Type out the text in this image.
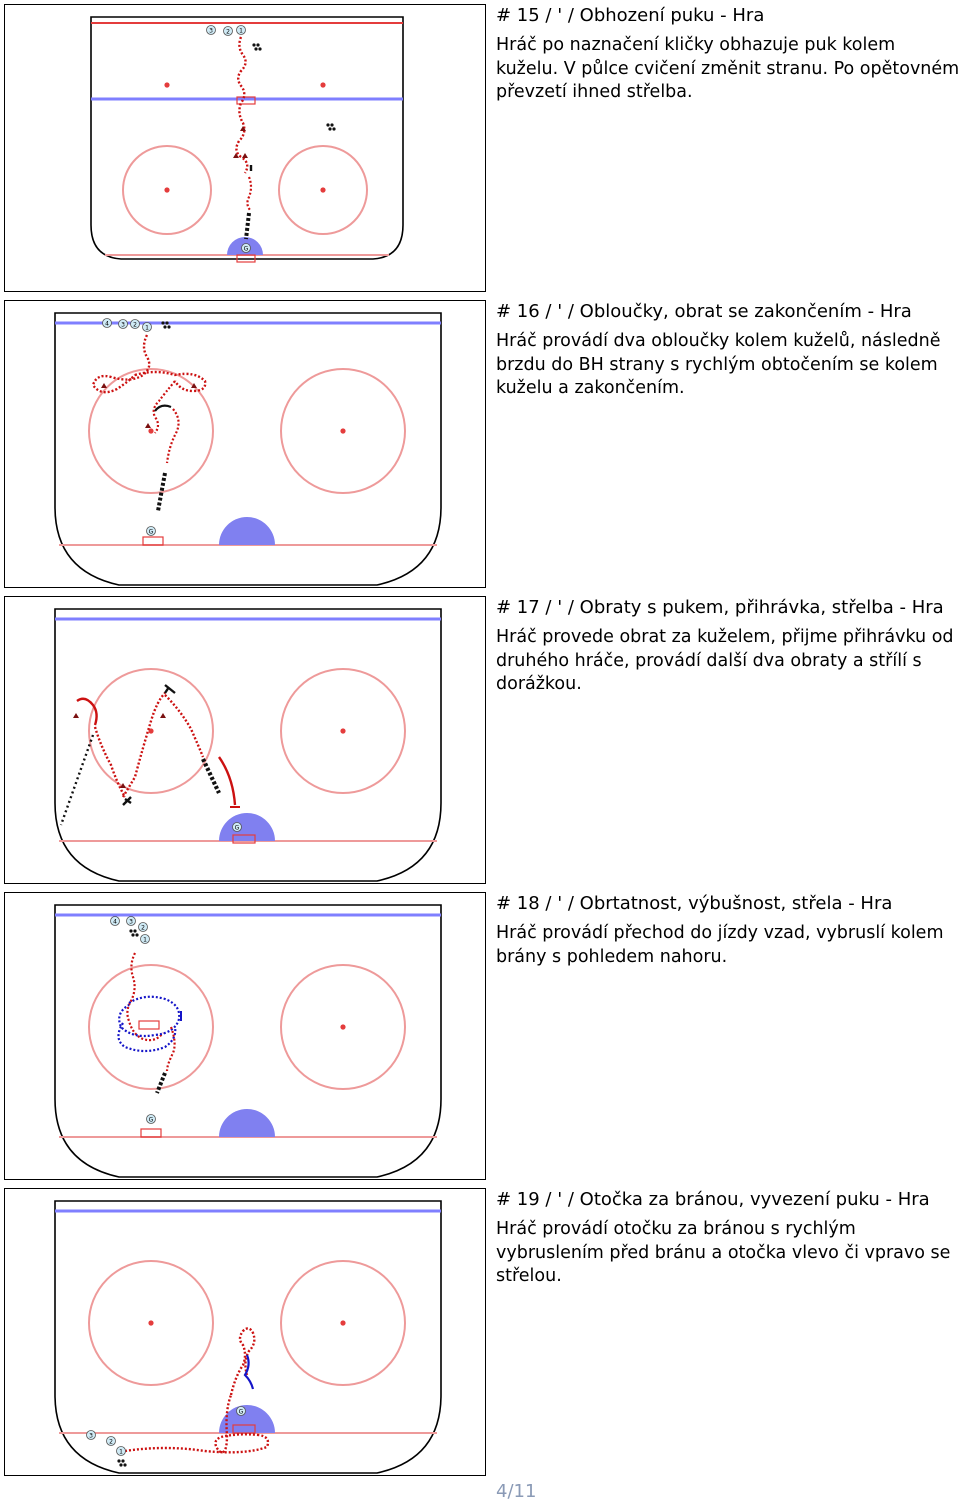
3 2 1
G
# 15 / ' / Obhození puku - Hra

Hráč po naznačení kličky obhazuje puk kolem kuželu. V půlce cvičení změnit stranu. Po opětovném převzetí ihned střelba.

4 3 2 1
G
# 16 / ' / Obloučky, obrat se zakončením - Hra

Hráč provádí dva obloučky kolem kuželů, následně brzdu do BH strany s rychlým obtočením se kolem kuželu a zakončením.

G
# 17 / ' / Obraty s pukem, přihrávka, střelba - Hra

Hráč provede obrat za kuželem, přijme přihrávku od druhého hráče, provádí další dva obraty a střílí s dorážkou.

4 3
2
1
G
# 18 / ' / Obrtatnost, výbušnost, střela - Hra

Hráč provádí přechod do jízdy vzad, vybruslí kolem brány s pohledem nahoru.

3
2
1
G
# 19 / ' / Otočka za bránou, vyvezení puku - Hra

Hráč provádí otočku za bránou s rychlým vybruslením před bránu a otočka vlevo či vpravo se střelou.

4/11
